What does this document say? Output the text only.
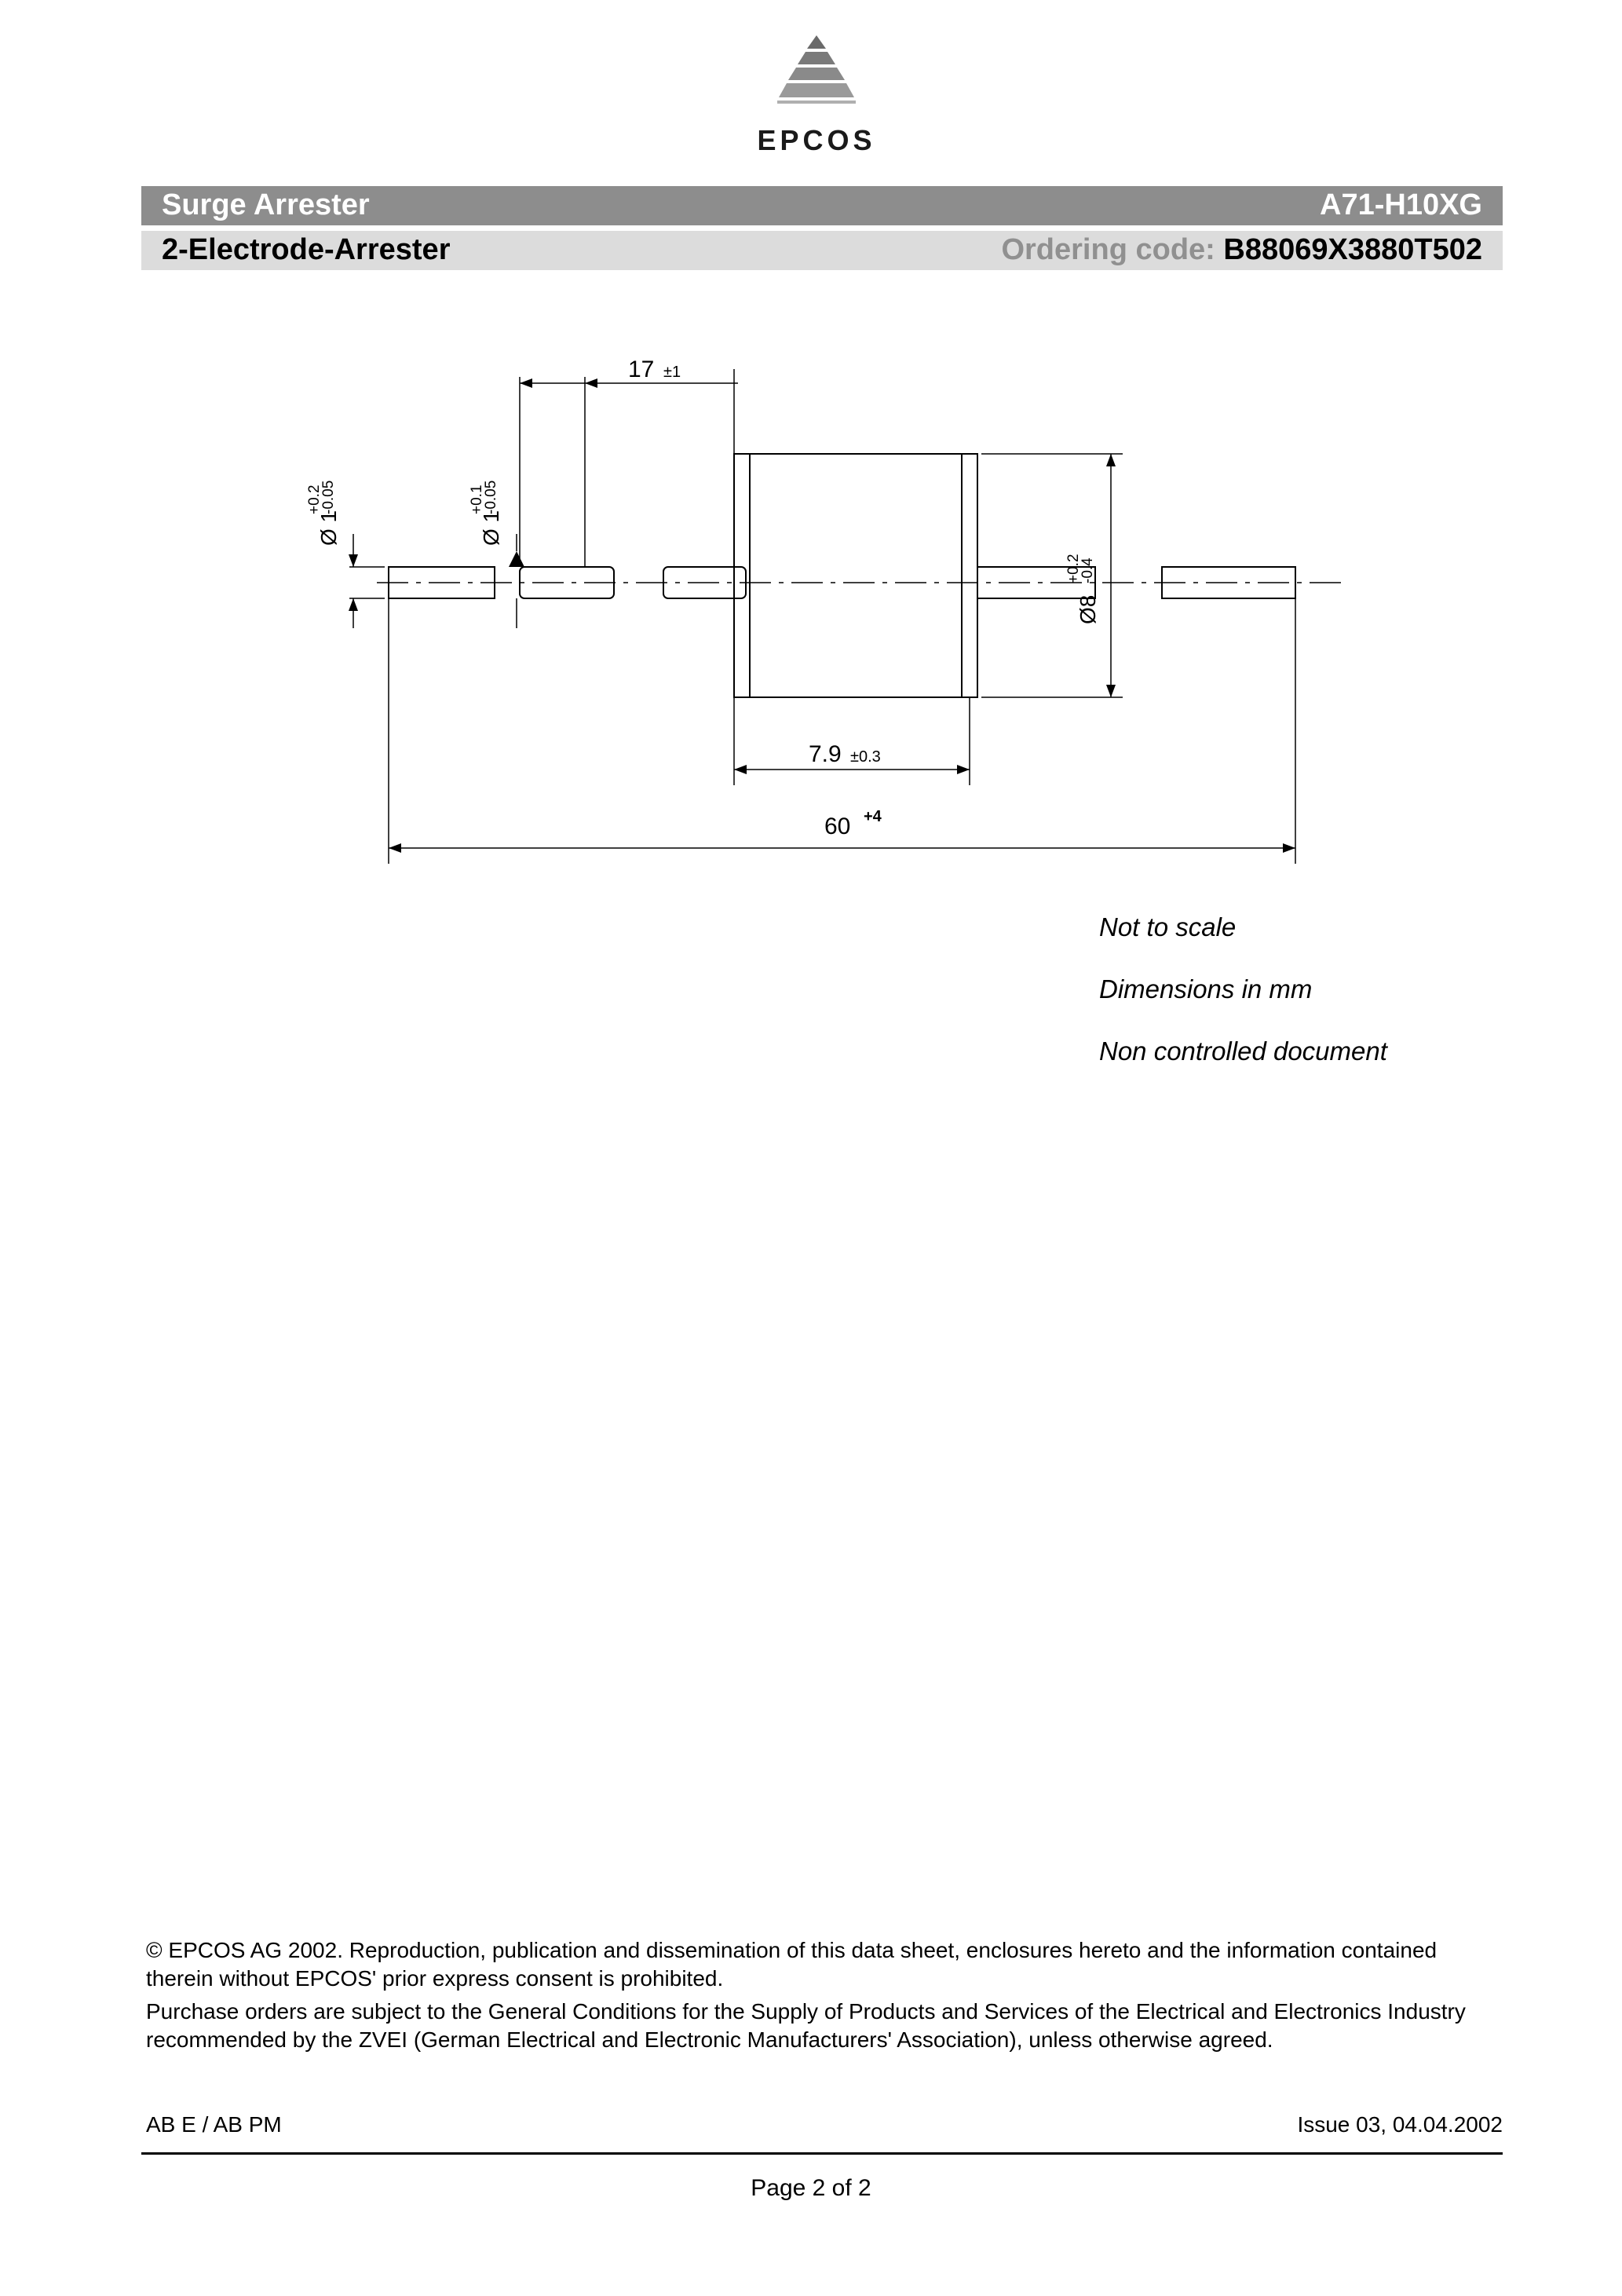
EPCOS
Surge Arrester	A71-H10XG
2-Electrode-Arrester	Ordering code: B88069X3880T502
17 ±1
Ø 1
+0.2
-0.05
Ø 1
+0.1
-0.05
Ø8
+0.2
-0.4
7.9 ±0.3
60 +4
Not to scale
Dimensions in mm
Non controlled document
© EPCOS AG 2002. Reproduction, publication and dissemination of this data sheet, enclosures hereto and the information contained therein without EPCOS' prior express consent is prohibited.
Purchase orders are subject to the General Conditions for the Supply of Products and Services of the Electrical and Electronics Industry recommended by the ZVEI (German Electrical and Electronic Manufacturers' Association), unless otherwise agreed.
AB E / AB PM	Issue 03, 04.04.2002
Page 2 of 2
